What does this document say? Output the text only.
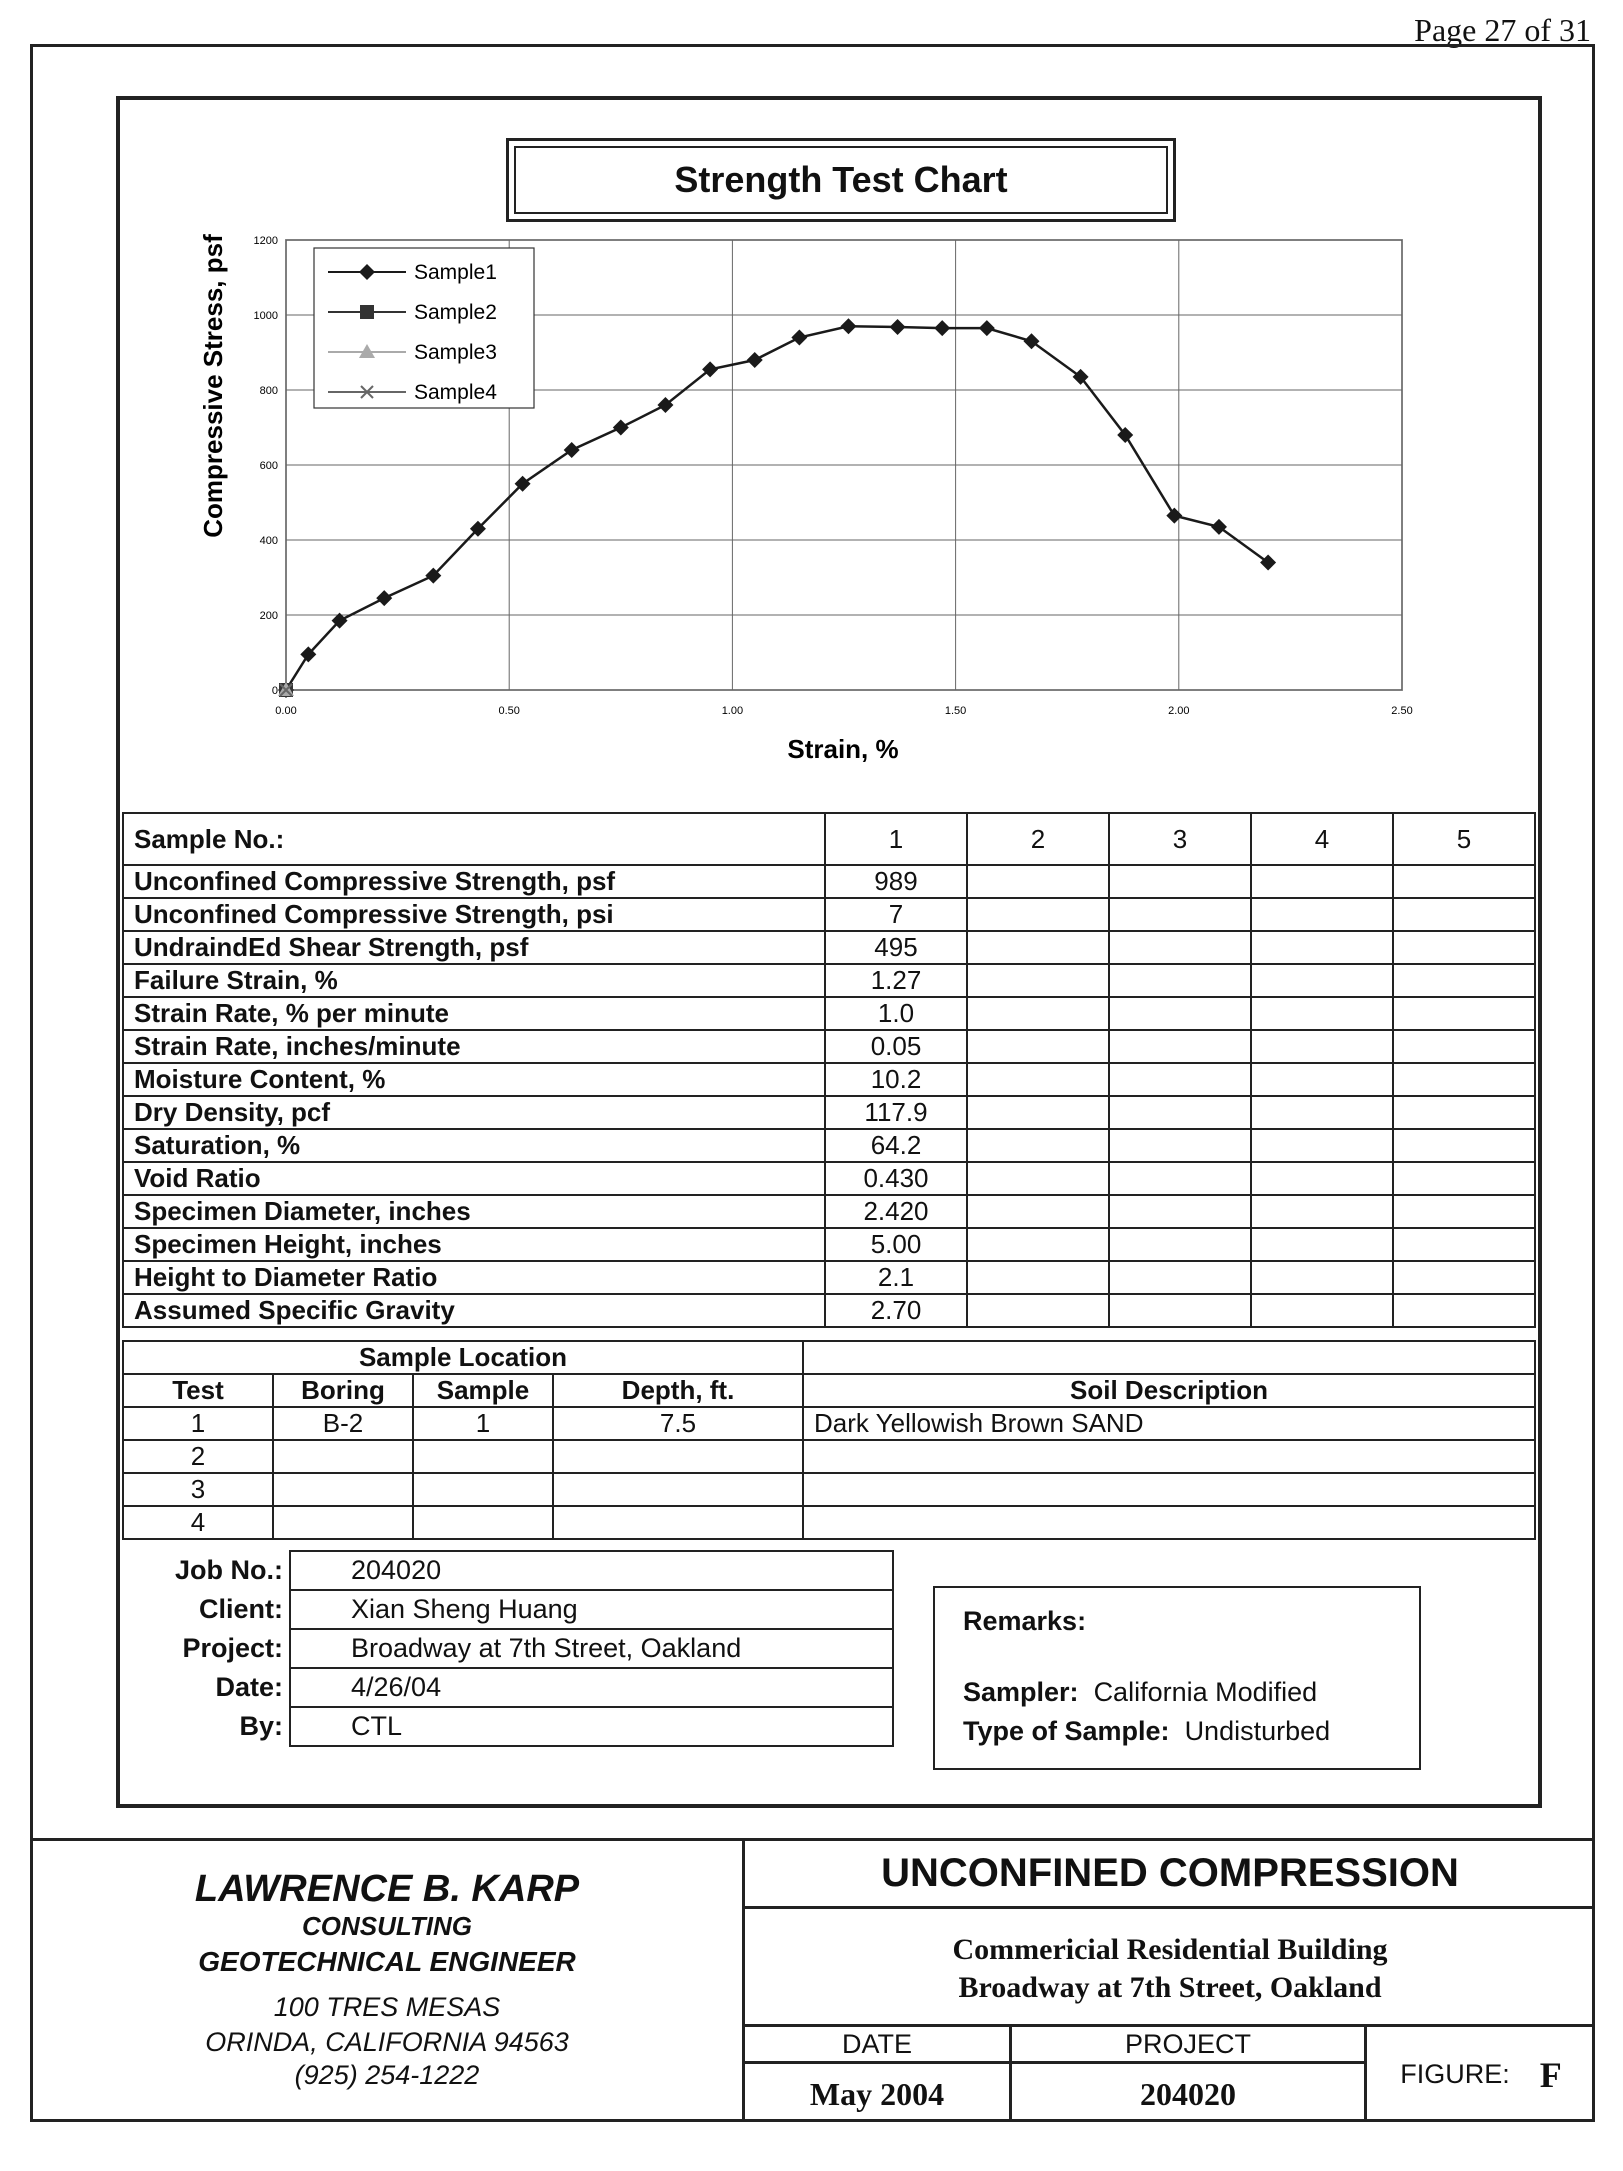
Page 27 of 31
Strength Test Chart
0.00	0.50	1.00	1.50	2.00	2.50
0
200
400
600
800
1000
1200
Strain, %
Compressive Stress, psf	Sample1
Sample2
Sample3
Sample4
Sample No.:	1	2	3	4	5
Unconfined Compressive Strength, psf	989				
Unconfined Compressive Strength, psi	7				
UndraindEd Shear Strength, psf	495				
Failure Strain, %	1.27				
Strain Rate, % per minute	1.0				
Strain Rate, inches/minute	0.05				
Moisture Content, %	10.2				
Dry Density, pcf	117.9				
Saturation, %	64.2				
Void Ratio	0.430				
Specimen Diameter, inches	2.420				
Specimen Height, inches	5.00				
Height to Diameter Ratio	2.1				
Assumed Specific Gravity	2.70				
Sample Location				
Test	Boring	Sample	Depth, ft.	Soil Description
1	B-2	1	7.5	Dark Yellowish Brown SAND
2				
3				
4				
Job No.:	204020
Client:	Xian Sheng Huang
Project:	Broadway at 7th Street, Oakland
Date:	4/26/04
By:	CTL
Remarks:
Sampler: California Modified
Type of Sample: Undisturbed
LAWRENCE B. KARP
CONSULTING
GEOTECHNICAL ENGINEER
100 TRES MESAS
ORINDA, CALIFORNIA 94563
(925) 254-1222
UNCONFINED COMPRESSION
Commericial Residential Building
Broadway at 7th Street, Oakland
DATE
May 2004
PROJECT
204020
FIGURE: F
